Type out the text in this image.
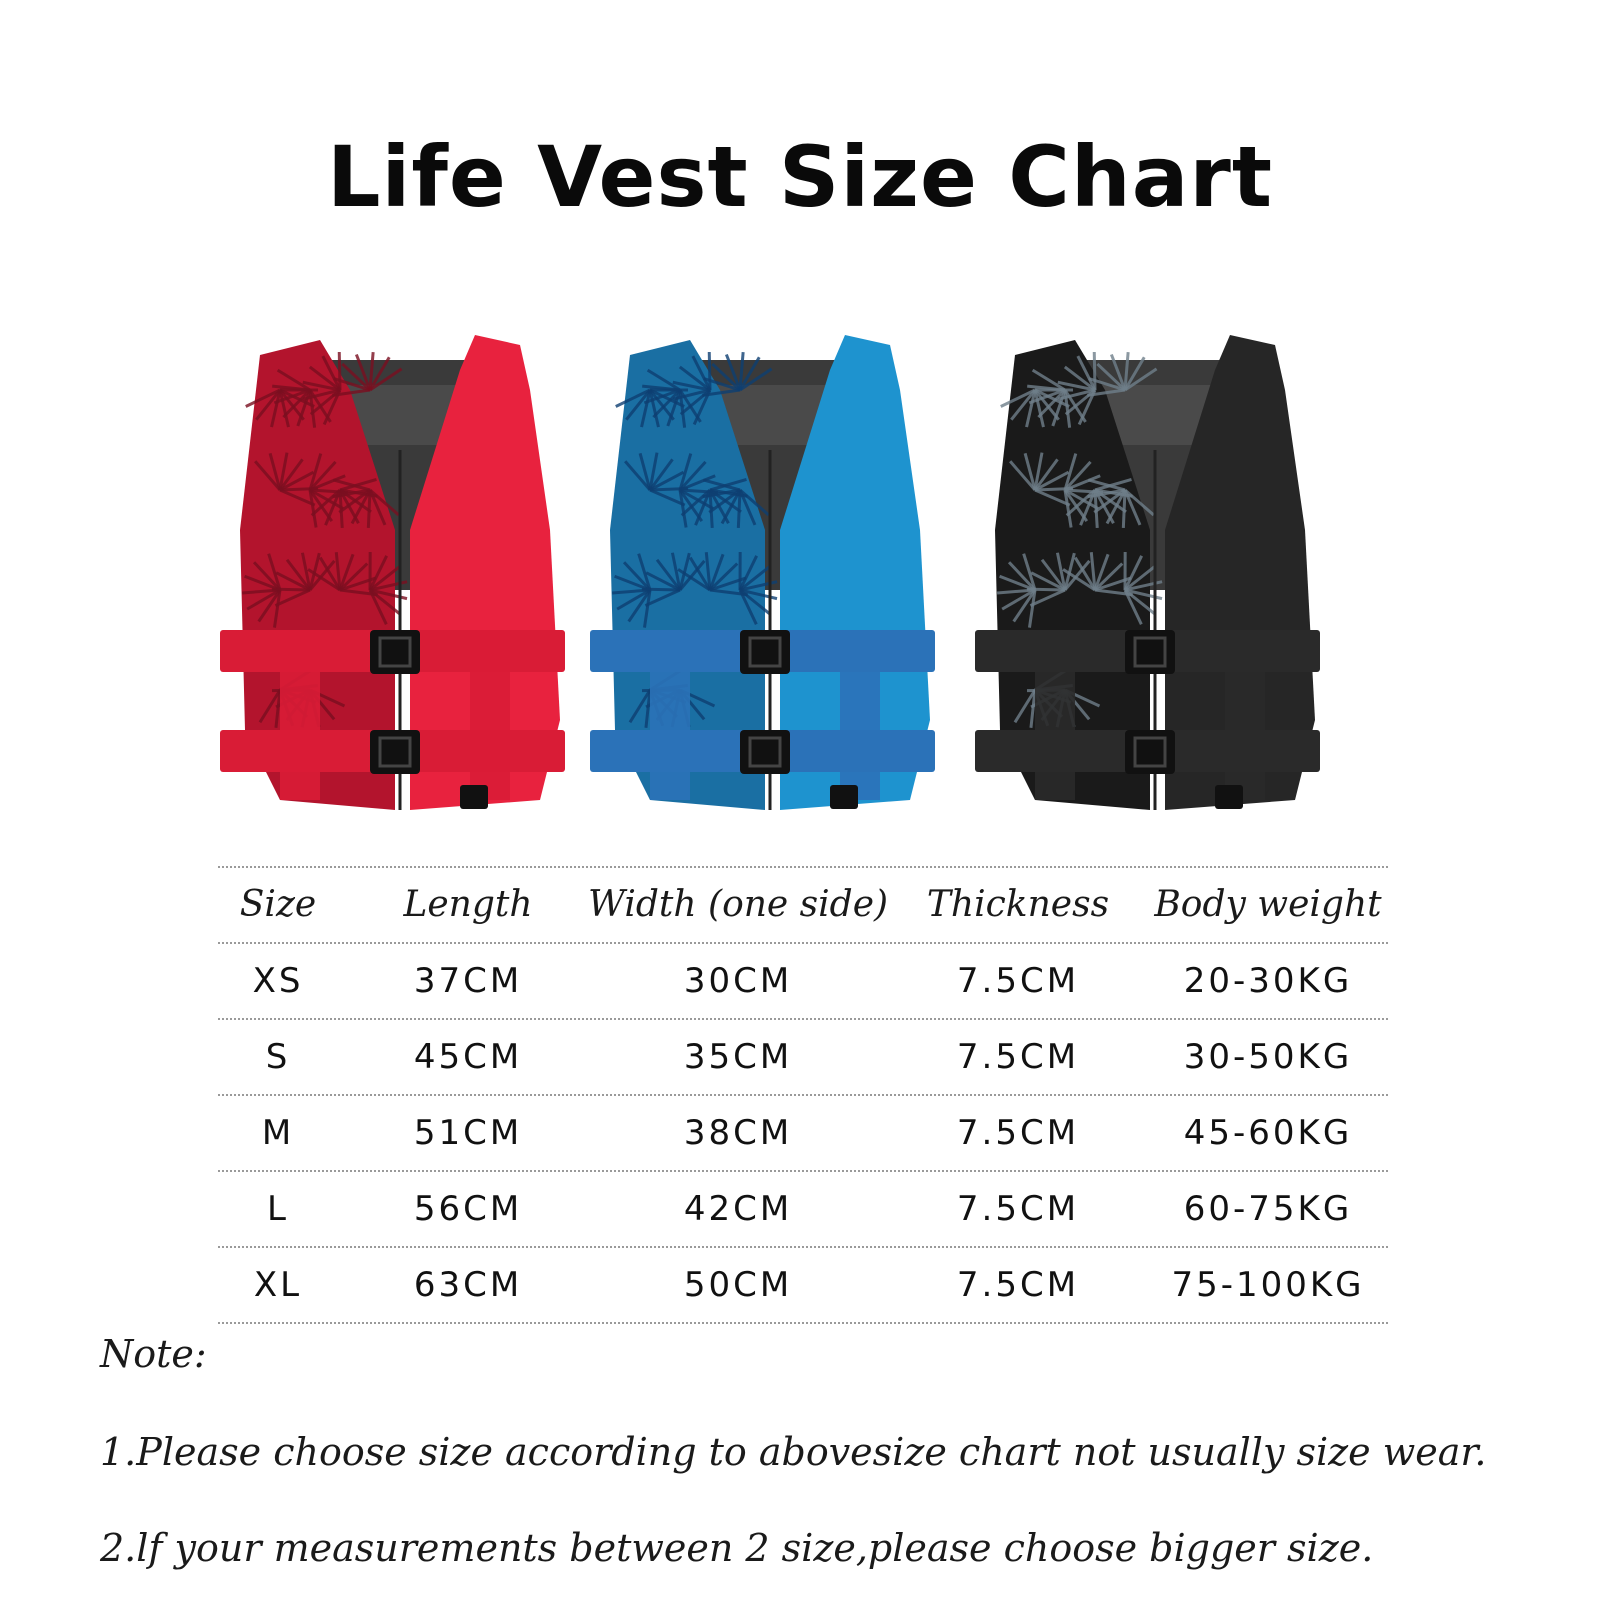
Life Vest Size Chart
Size	Length	Width (one side)	Thickness	Body weight
XS	37CM	30CM	7.5CM	20-30KG
S	45CM	35CM	7.5CM	30-50KG
M	51CM	38CM	7.5CM	45-60KG
L	56CM	42CM	7.5CM	60-75KG
XL	63CM	50CM	7.5CM	75-100KG
Note:
1.Please choose size according to abovesize chart not usually size wear.
2.lf your measurements between 2 size,please choose bigger size.
